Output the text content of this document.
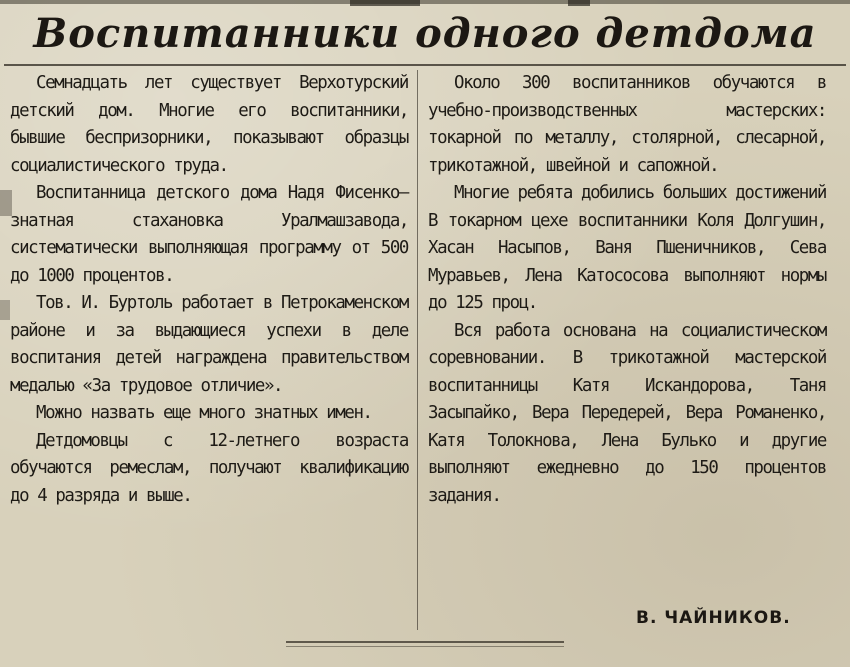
Воспитанники одного детдома

Семнадцать лет существует Верхотурский детский дом. Многие его воспитанники, бывшие беспризорники, показывают образцы социалистического труда.

Воспитанница детского дома Надя Фисенко—знатная стахановка Уралмашзавода, систематически выполняющая программу от 500 до 1000 процентов.

Тов. И. Буртоль работает в Петрокаменском районе и за выдающиеся успехи в деле воспитания детей награждена правительством медалью «За трудовое отличие».

Можно назвать еще много знатных имен.

Детдомовцы с 12-летнего возраста обучаются ремеслам, получают квалификацию до 4 разряда и выше.

Около 300 воспитанников обучаются в учебно-производственных мастерских: токарной по металлу, столярной, слесарной, трикотажной, швейной и сапожной.

Многие ребята добились больших достижений В токарном цехе воспитанники Коля Долгушин, Хасан Насыпов, Ваня Пшеничников, Сева Муравьев, Лена Катососова выполняют нормы до 125 проц.

Вся работа основана на социалистическом соревновании. В трикотажной мастерской воспитанницы Катя Искандорова, Таня Засыпайко, Вера Передерей, Вера Романенко, Катя Толокнова, Лена Булько и другие выполняют ежедневно до 150 процентов задания.

В. ЧАЙНИКОВ.
